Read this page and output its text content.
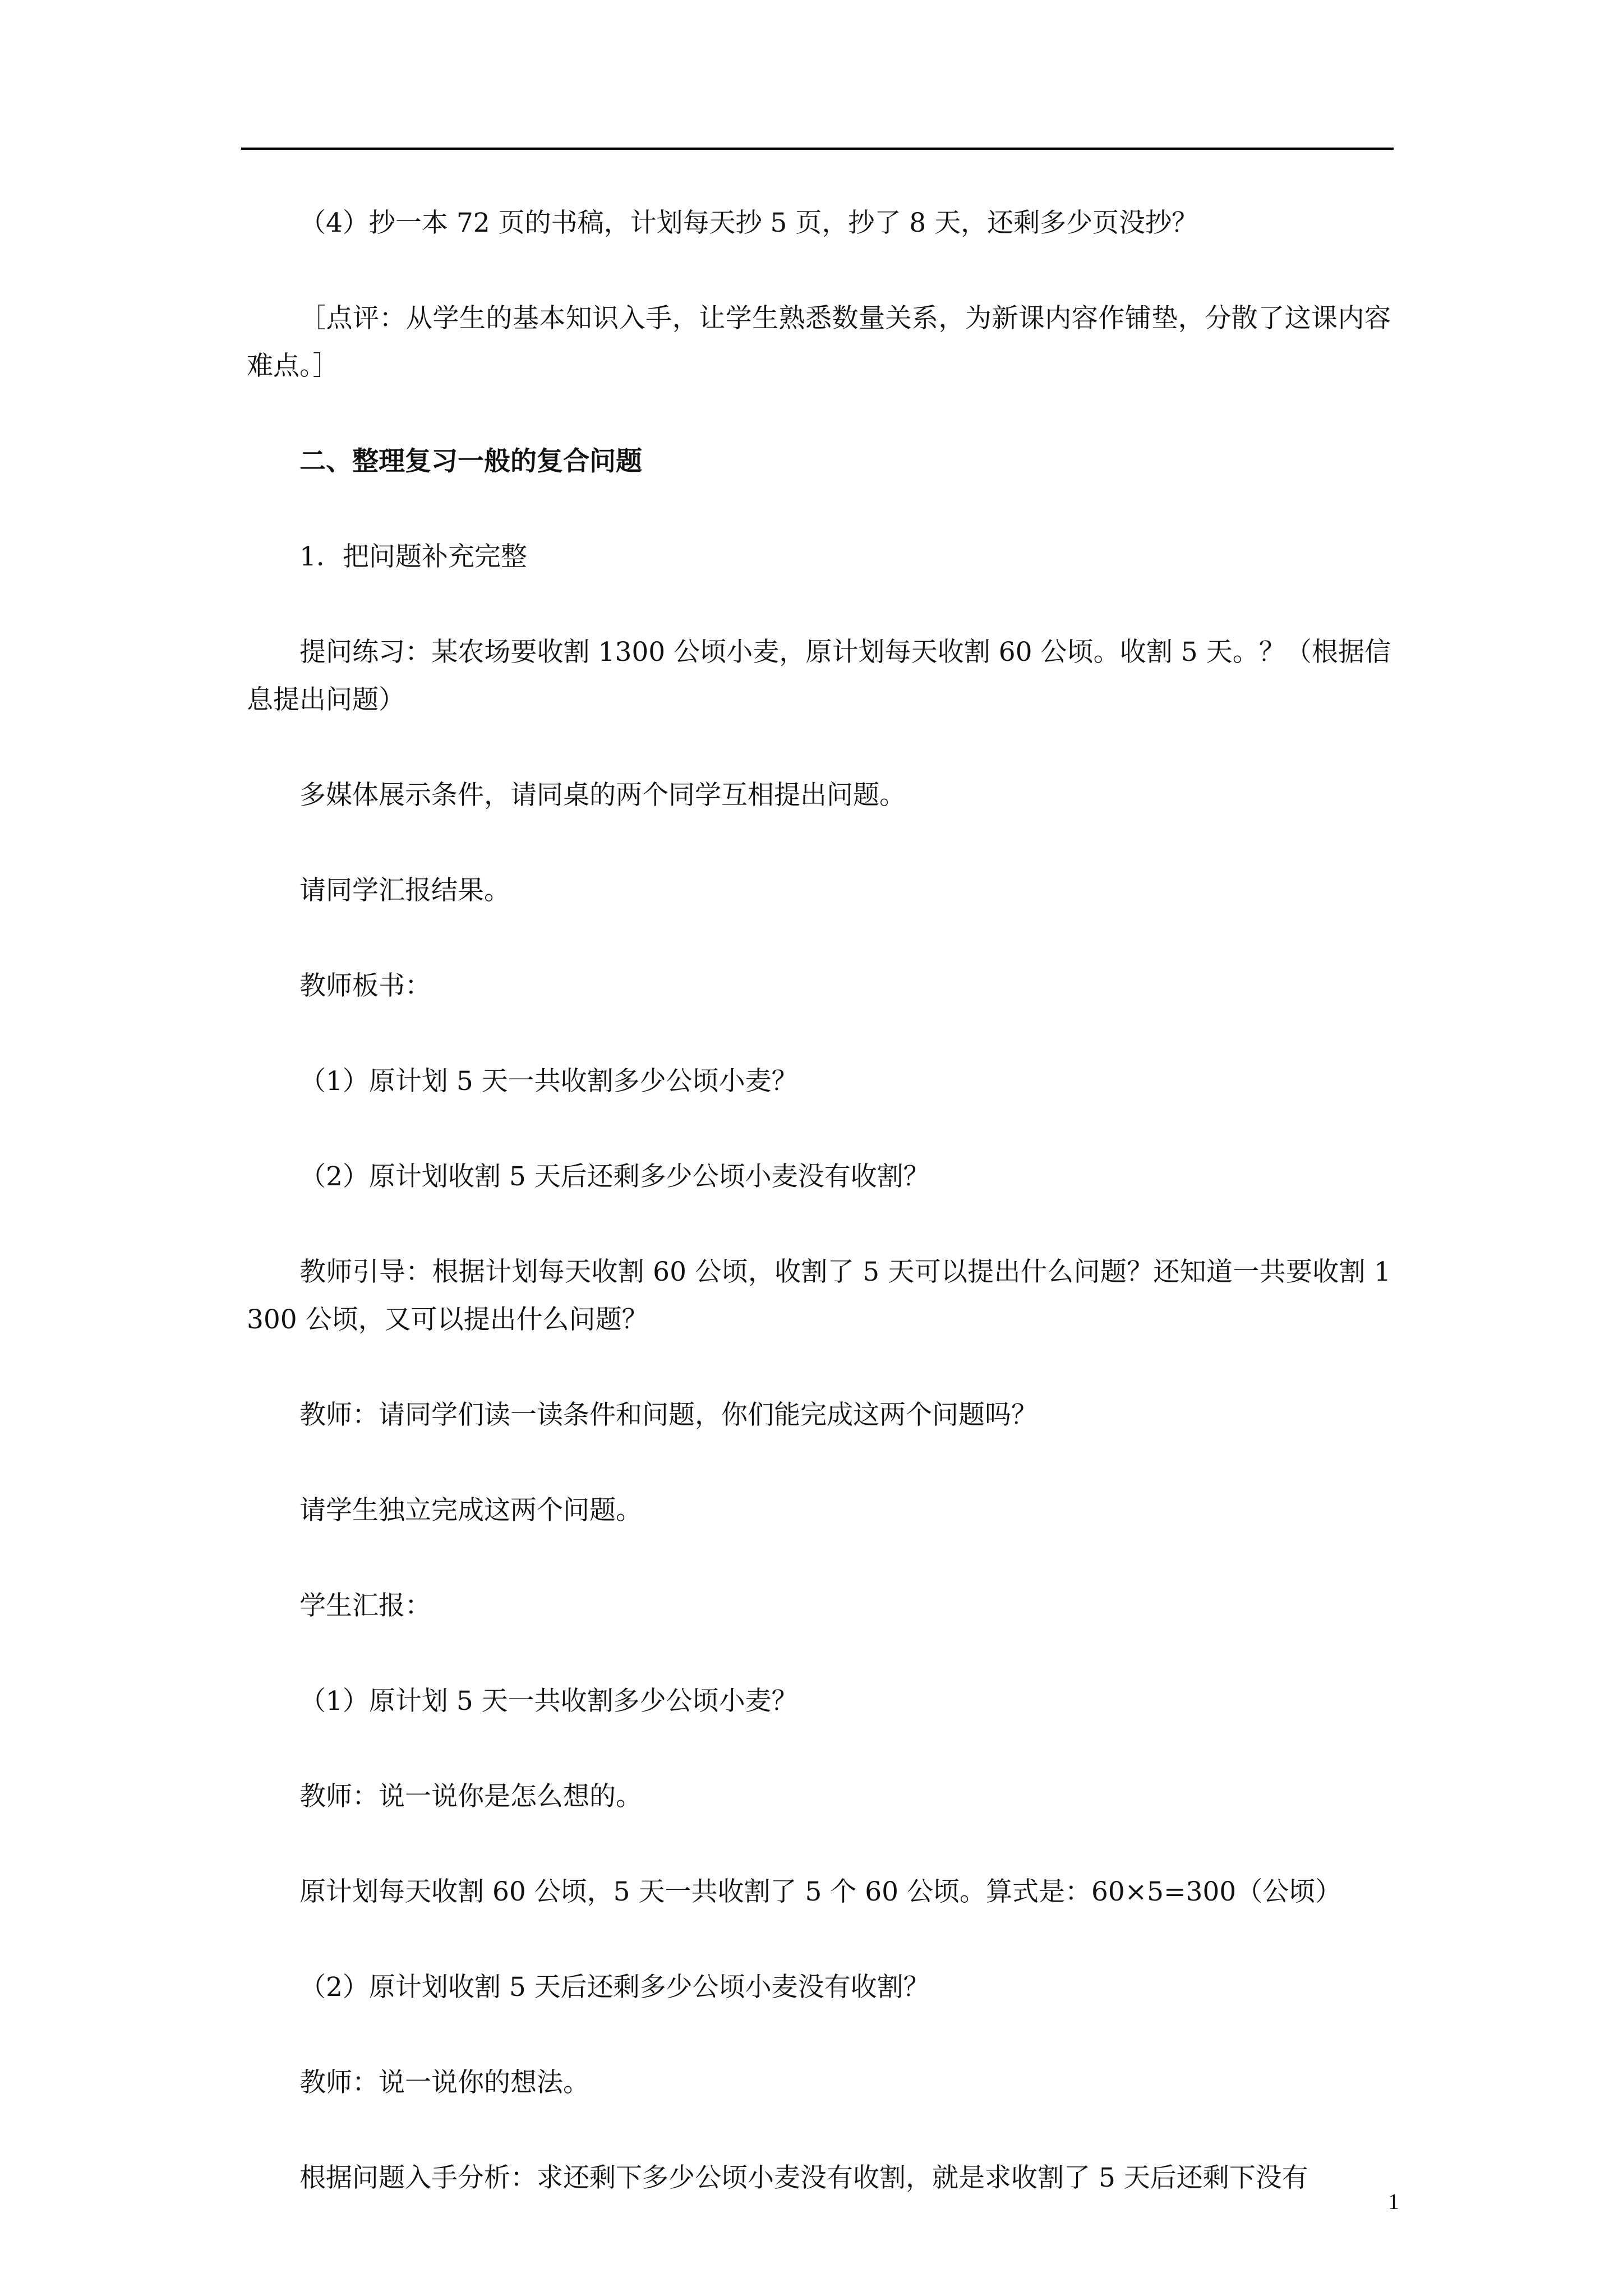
（4）抄一本 72 页的书稿，计划每天抄 5 页，抄了 8 天，还剩多少页没抄？

［点评：从学生的基本知识入手，让学生熟悉数量关系，为新课内容作铺垫，分散了这课内容难点。］

二、整理复习一般的复合问题

1．把问题补充完整

提问练习：某农场要收割 1300 公顷小麦，原计划每天收割 60 公顷。收割 5 天。？（根据信息提出问题）

多媒体展示条件，请同桌的两个同学互相提出问题。

请同学汇报结果。

教师板书：

（1）原计划 5 天一共收割多少公顷小麦？

（2）原计划收割 5 天后还剩多少公顷小麦没有收割？

教师引导：根据计划每天收割 60 公顷，收割了 5 天可以提出什么问题？还知道一共要收割 1300 公顷，又可以提出什么问题？

教师：请同学们读一读条件和问题，你们能完成这两个问题吗？

请学生独立完成这两个问题。

学生汇报：

（1）原计划 5 天一共收割多少公顷小麦？

教师：说一说你是怎么想的。

原计划每天收割 60 公顷，5 天一共收割了 5 个 60 公顷。算式是：60×5=300（公顷）

（2）原计划收割 5 天后还剩多少公顷小麦没有收割？

教师：说一说你的想法。

根据问题入手分析：求还剩下多少公顷小麦没有收割，就是求收割了 5 天后还剩下没有

1
